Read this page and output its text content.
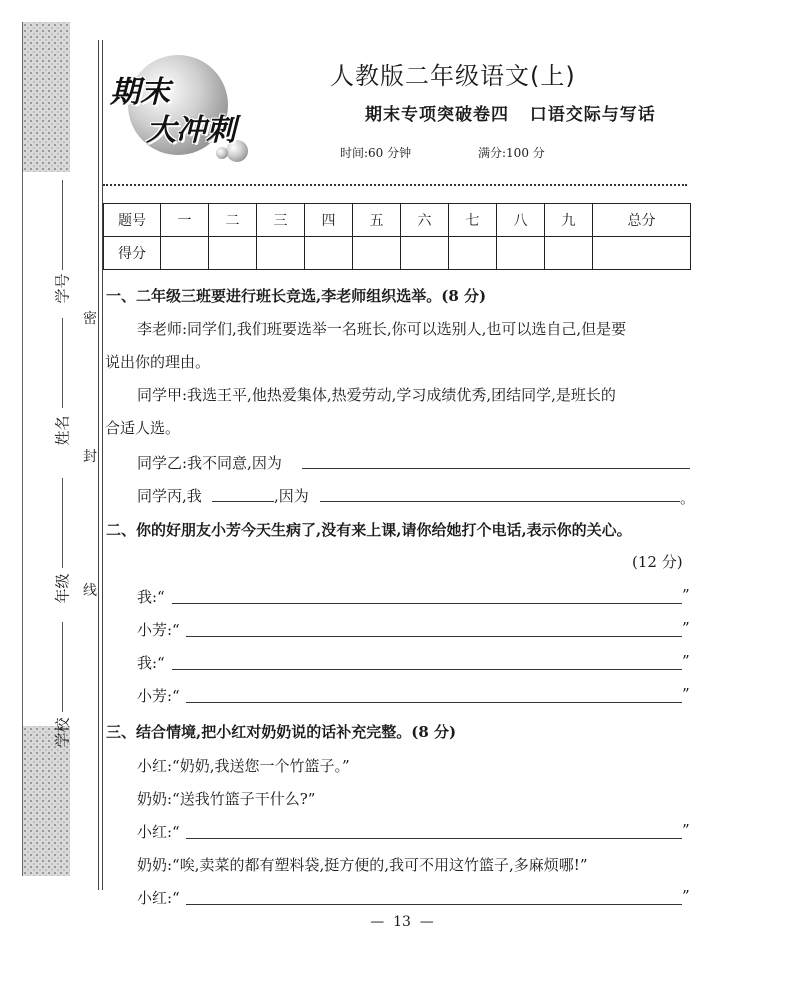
学号
姓名
年级
学校
密
封
线
期末
大冲刺
人教版二年级语文(上)
期末专项突破卷四   口语交际与写话
时间:60 分钟	满分:100 分
题号	一	二	三	四	五	六	七	八	九	总分
得分										
一、二年级三班要进行班长竞选,李老师组织选举。(8 分)
李老师:同学们,我们班要选举一名班长,你可以选别人,也可以选自己,但是要
说出你的理由。
同学甲:我选王平,他热爱集体,热爱劳动,学习成绩优秀,团结同学,是班长的
合适人选。
同学乙:我不同意,因为
同学丙,我	,因为	。
二、你的好朋友小芳今天生病了,没有来上课,请你给她打个电话,表示你的关心。
(12 分)
我:“	”
小芳:“	”
我:“	”
小芳:“	”
三、结合情境,把小红对奶奶说的话补充完整。(8 分)
小红:“奶奶,我送您一个竹篮子。”
奶奶:“送我竹篮子干什么?”
小红:“	”
奶奶:“唉,卖菜的都有塑料袋,挺方便的,我可不用这竹篮子,多麻烦哪!”
小红:“	”
—  13  —
